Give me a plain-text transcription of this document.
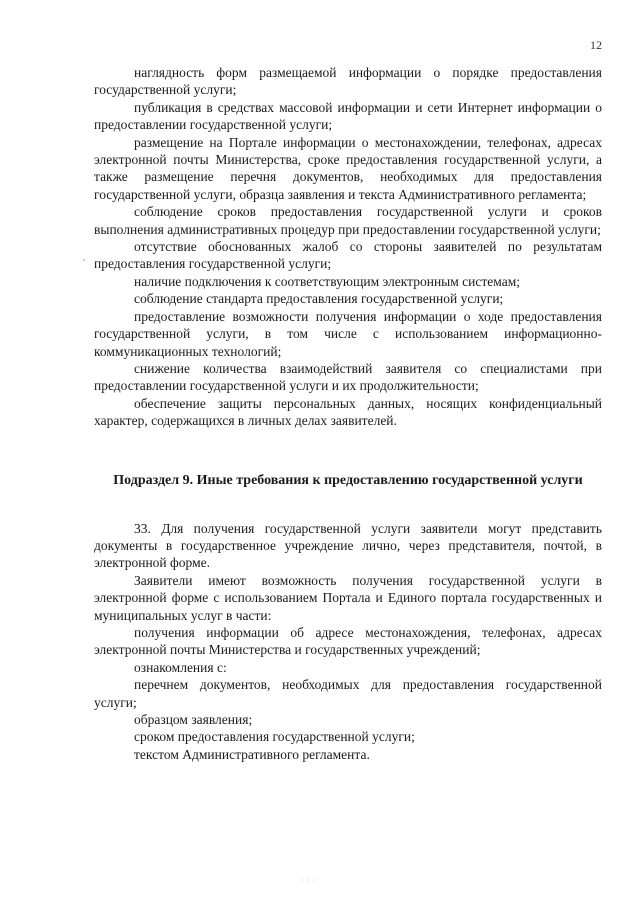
12
`

наглядность форм размещаемой информации о порядке предоставления государственной услуги;

публикация в средствах массовой информации и сети Интернет информации о предоставлении государственной услуги;

размещение на Портале информации о местонахождении, телефонах, адресах электронной почты Министерства, сроке предоставления государственной услуги, а также размещение перечня документов, необходимых для предоставления государственной услуги, образца заявления и текста Административного регламента;

соблюдение сроков предоставления государственной услуги и сроков выполнения административных процедур при предоставлении государственной услуги;

отсутствие обоснованных жалоб со стороны заявителей по результатам предоставления государственной услуги;

наличие подключения к соответствующим электронным системам;

соблюдение стандарта предоставления государственной услуги;

предоставление возможности получения информации о ходе предоставления государственной услуги, в том числе с использованием информационно-коммуникационных технологий;

снижение количества взаимодействий заявителя со специалистами при предоставлении государственной услуги и их продолжительности;

обеспечение защиты персональных данных, носящих конфиденциальный характер, содержащихся в личных делах заявителей.

Подраздел 9. Иные требования к предоставлению государственной услуги

33. Для получения государственной услуги заявители могут представить документы в государственное учреждение лично, через представителя, почтой, в электронной форме.

Заявители имеют возможность получения государственной услуги в электронной форме с использованием Портала и Единого портала государственных и муниципальных услуг в части:

получения информации об адресе местонахождения, телефонах, адресах электронной почты Министерства и государственных учреждений;

ознакомления с:

перечнем документов, необходимых для предоставления государственной услуги;

образцом заявления;

сроком предоставления государственной услуги;

текстом Административного регламента.

· · ·
